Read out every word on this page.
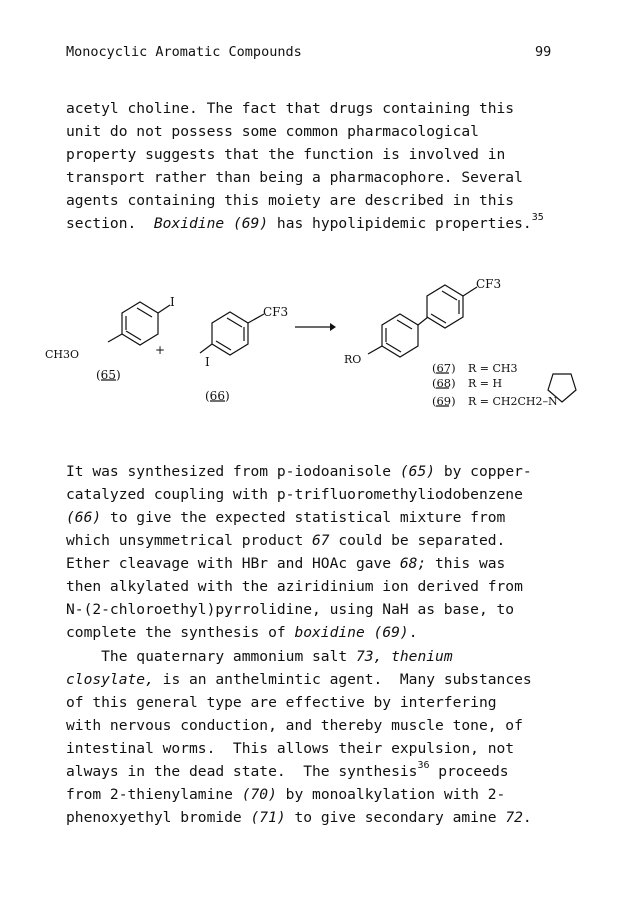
Monocyclic Aromatic Compounds	99
acetyl choline. The fact that drugs containing this
unit do not possess some common pharmacological
property suggests that the function is involved in
transport rather than being a pharmacophore. Several
agents containing this moiety are described in this
section.  Boxidine (69) has hypolipidemic properties.$^{35}$
I
CH3O
(65)
+
CF3
I
(66)
CF3
RO
(67) R = CH3
(68) R = H
(69) R = CH2CH2–N
It was synthesized from p-iodoanisole (65) by copper-
catalyzed coupling with p-trifluoromethyliodobenzene
(66) to give the expected statistical mixture from
which unsymmetrical product 67 could be separated.
Ether cleavage with HBr and HOAc gave 68; this was
then alkylated with the aziridinium ion derived from
N-(2-chloroethyl)pyrrolidine, using NaH as base, to
complete the synthesis of boxidine (69).
The quaternary ammonium salt 73, thenium
closylate, is an anthelmintic agent.  Many substances
of this general type are effective by interfering
with nervous conduction, and thereby muscle tone, of
intestinal worms.  This allows their expulsion, not
always in the dead state.  The synthesis$^{36}$ proceeds
from 2-thienylamine (70) by monoalkylation with 2-
phenoxyethyl bromide (71) to give secondary amine 72.
